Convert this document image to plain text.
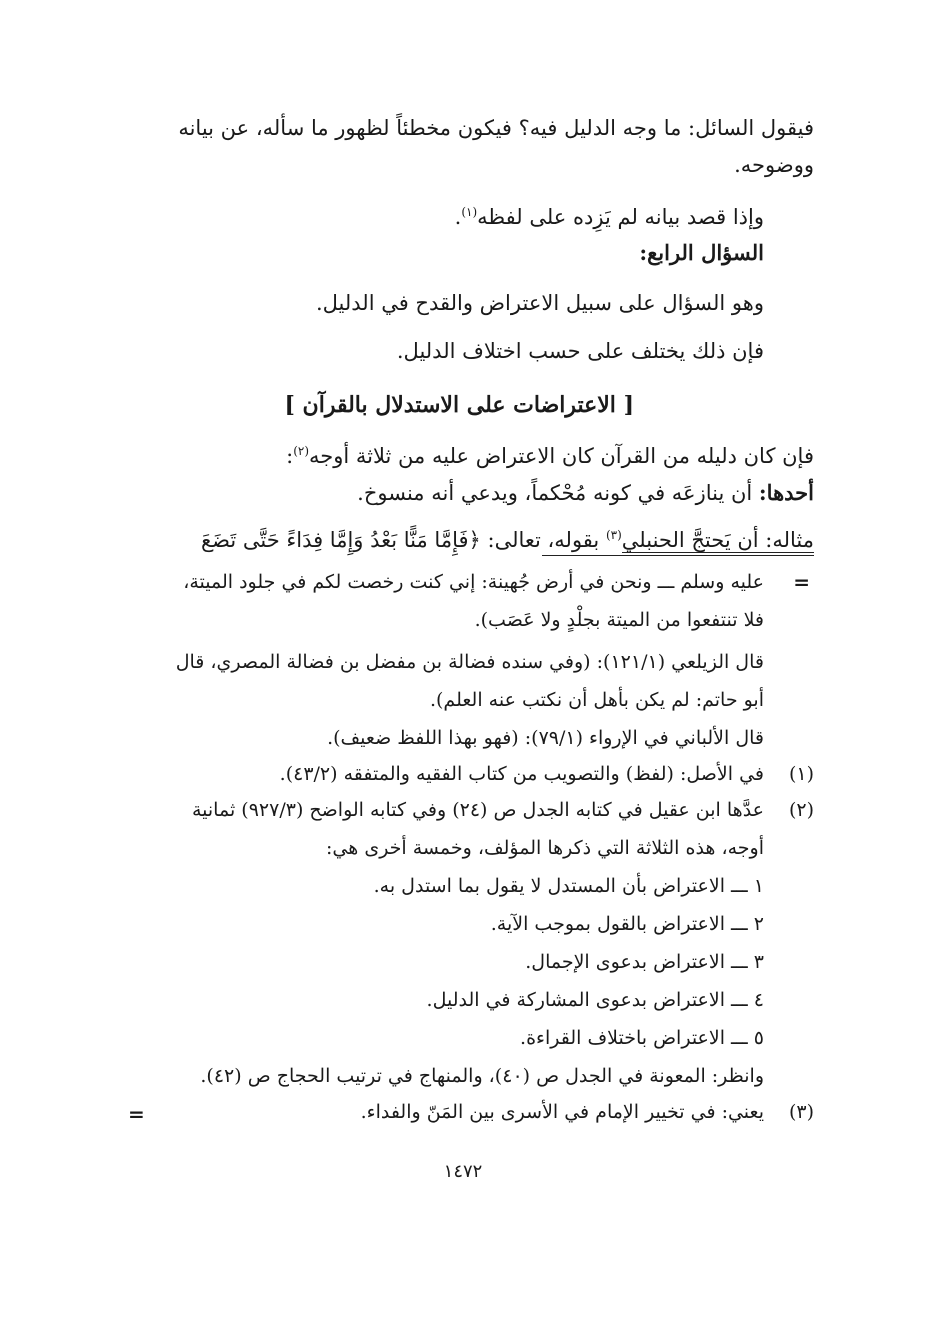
فيقول السائل: ما وجه الدليل فيه؟ فيكون مخطئاً لظهور ما سأله، عن بيانه
ووضوحه.
وإذا قصد بيانه لم يَزِده على لفظه$^{(١)}$.
السؤال الرابع:
وهو السؤال على سبيل الاعتراض والقدح في الدليل.
فإن ذلك يختلف على حسب اختلاف الدليل.
[ الاعتراضات على الاستدلال بالقرآن ]
فإن كان دليله من القرآن كان الاعتراض عليه من ثلاثة أوجه$^{(٢)}$:
أحدها: أن ينازعَه في كونه مُحْكماً، ويدعي أنه منسوخ.
مثاله: أن يَحتجَّ الحنبلي$^{(٣)}$ بقوله، تعالى: ﴿فَإِمَّا مَنًّا بَعْدُ وَإِمَّا فِدَاءً حَتَّى تَضَعَ
=
عليه وسلم ـــ ونحن في أرض جُهينة: إني كنت رخصت لكم في جلود الميتة،
فلا تنتفعوا من الميتة بجلْدٍ ولا عَصَب).
قال الزيلعي (١٢١/١): (وفي سنده فضالة بن مفضل بن فضالة المصري، قال
أبو حاتم: لم يكن بأهل أن نكتب عنه العلم).
قال الألباني في الإرواء (٧٩/١): (فهو بهذا اللفظ ضعيف).
(١)
في الأصل: (لفظ) والتصويب من كتاب الفقيه والمتفقه (٤٣/٢).
(٢)
عدَّها ابن عقيل في كتابه الجدل ص (٢٤) وفي كتابه الواضح (٩٢٧/٣) ثمانية
أوجه، هذه الثلاثة التي ذكرها المؤلف، وخمسة أخرى هي:
١ ـــ الاعتراض بأن المستدل لا يقول بما استدل به.
٢ ـــ الاعتراض بالقول بموجب الآية.
٣ ـــ الاعتراض بدعوى الإجمال.
٤ ـــ الاعتراض بدعوى المشاركة في الدليل.
٥ ـــ الاعتراض باختلاف القراءة.
وانظر: المعونة في الجدل ص (٤٠)، والمنهاج في ترتيب الحجاج ص (٤٢).
(٣)
يعني: في تخيير الإمام في الأسرى بين المَنّ والفداء.
=
١٤٧٢
